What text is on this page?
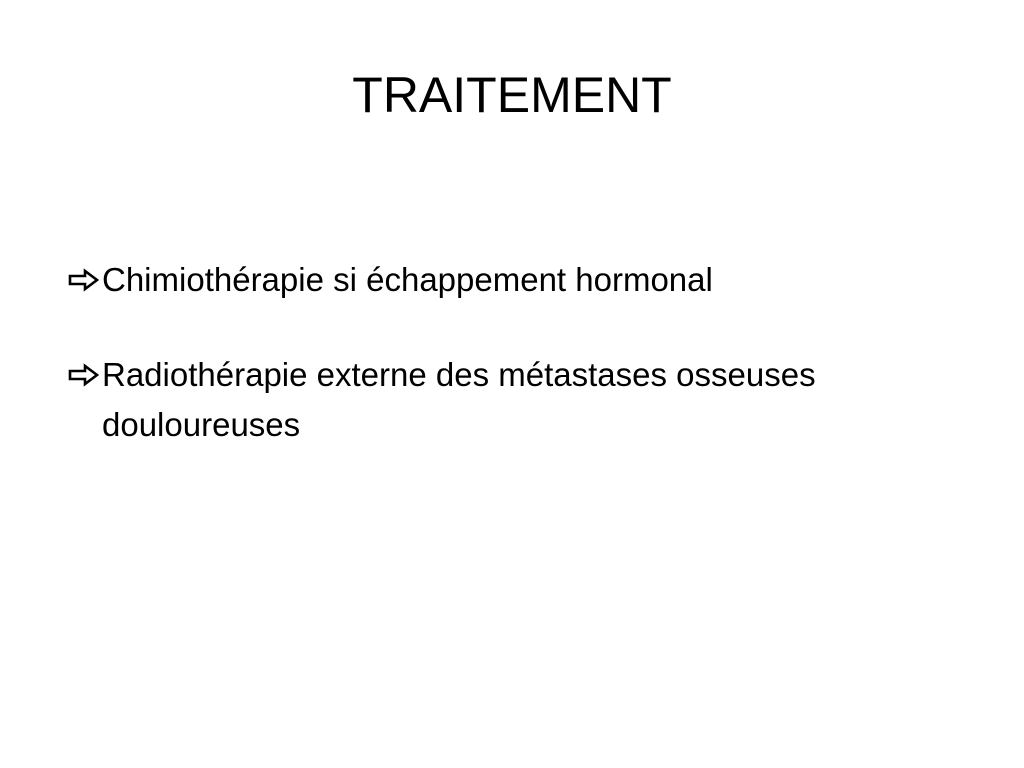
TRAITEMENT
Chimiothérapie si échappement hormonal
Radiothérapie externe des métastases osseuses douloureuses
